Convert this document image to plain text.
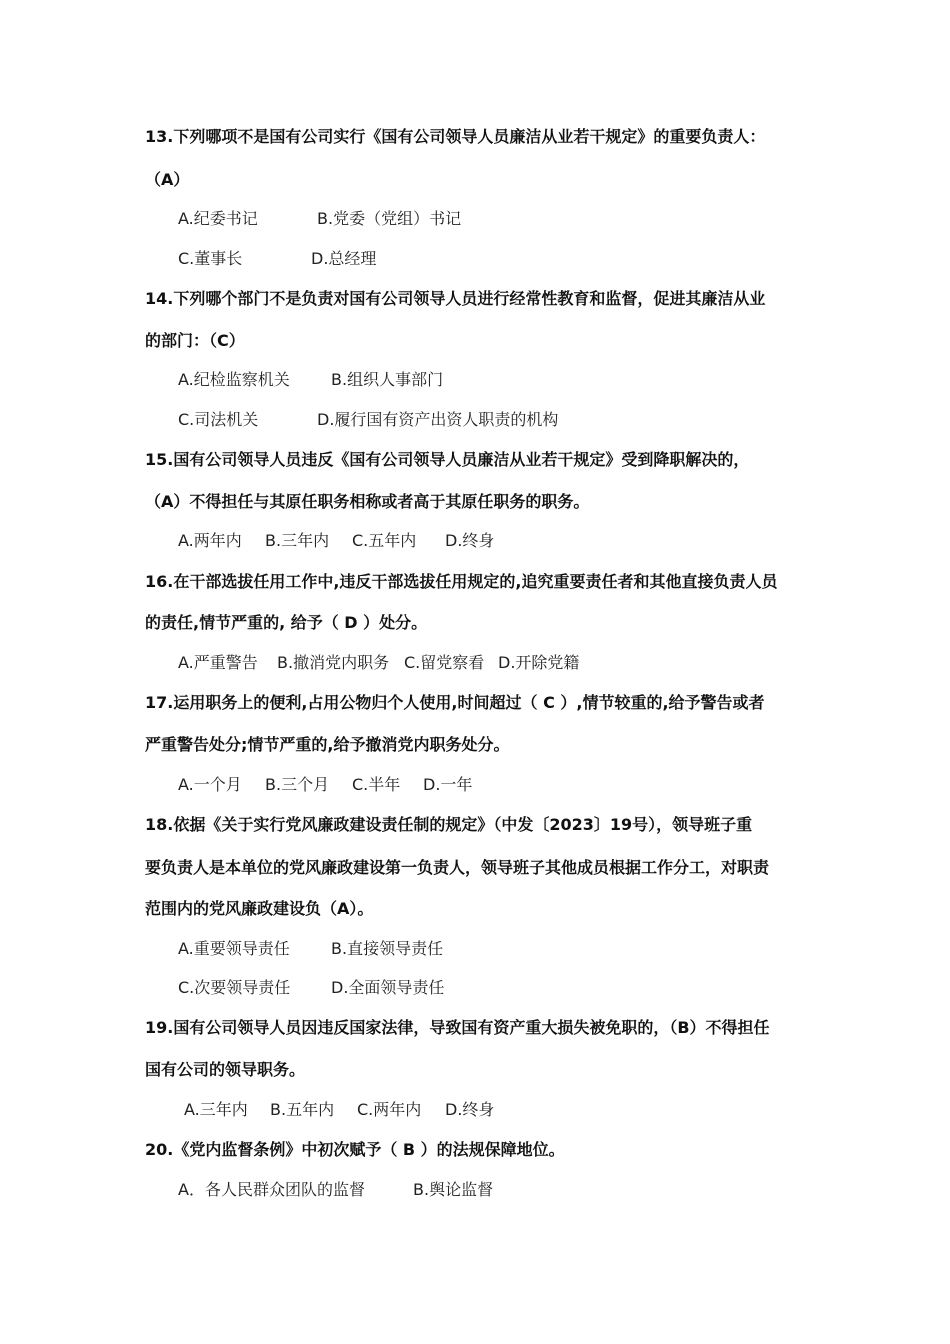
13.下列哪项不是国有公司实行《国有公司领导人员廉洁从业若干规定》的重要负责人：
（A）
A.纪委书记	B.党委（党组）书记
C.董事长	D.总经理
14.下列哪个部门不是负责对国有公司领导人员进行经常性教育和监督，促进其廉洁从业
的部门：（C）
A.纪检监察机关	B.组织人事部门
C.司法机关	D.履行国有资产出资人职责的机构
15.国有公司领导人员违反《国有公司领导人员廉洁从业若干规定》受到降职解决的，
（A）不得担任与其原任职务相称或者高于其原任职务的职务。
A.两年内 B.三年内 C.五年内 D.终身
16.在干部选拔任用工作中,违反干部选拔任用规定的,追究重要责任者和其他直接负责人员
的责任,情节严重的, 给予（ D ）处分。
A.严重警告 B.撤消党内职务 C.留党察看 D.开除党籍
17.运用职务上的便利,占用公物归个人使用,时间超过（ C ）,情节较重的,给予警告或者
严重警告处分;情节严重的,给予撤消党内职务处分。
A.一个月 B.三个月 C.半年 D.一年
18.依据《关于实行党风廉政建设责任制的规定》（中发〔2023〕19号），领导班子重
要负责人是本单位的党风廉政建设第一负责人，领导班子其他成员根据工作分工，对职责
范围内的党风廉政建设负（A）。
A.重要领导责任	B.直接领导责任
C.次要领导责任	D.全面领导责任
19.国有公司领导人员因违反国家法律，导致国有资产重大损失被免职的，（B）不得担任
国有公司的领导职务。
A.三年内 B.五年内 C.两年内 D.终身
20.《党内监督条例》中初次赋予（ B ）的法规保障地位。
A．各人民群众团队的监督	B.舆论监督
